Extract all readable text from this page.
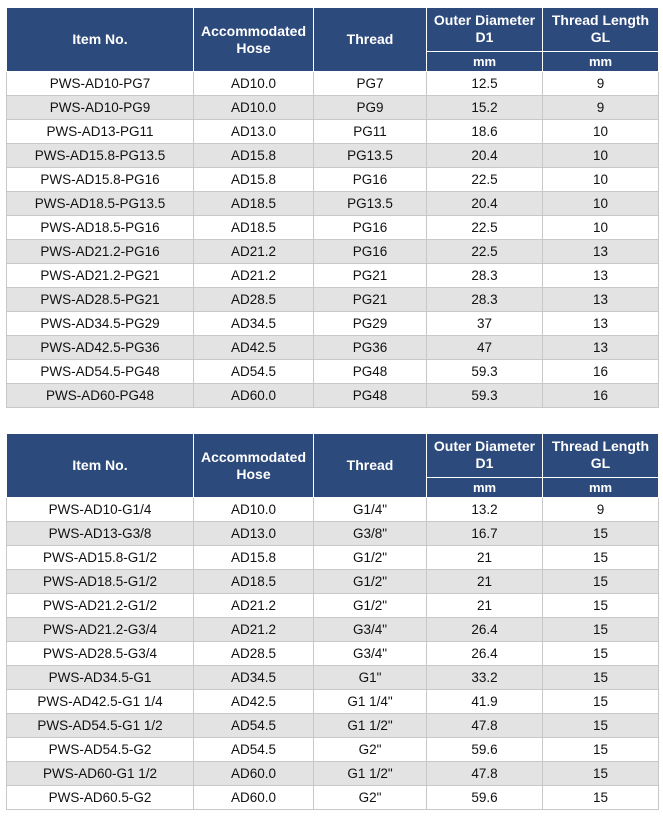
Item No.	Accommodated Hose	Thread	Outer Diameter D1	Thread Length GL
			mm	mm
PWS-AD10-PG7	AD10.0	PG7	12.5	9
PWS-AD10-PG9	AD10.0	PG9	15.2	9
PWS-AD13-PG11	AD13.0	PG11	18.6	10
PWS-AD15.8-PG13.5	AD15.8	PG13.5	20.4	10
PWS-AD15.8-PG16	AD15.8	PG16	22.5	10
PWS-AD18.5-PG13.5	AD18.5	PG13.5	20.4	10
PWS-AD18.5-PG16	AD18.5	PG16	22.5	10
PWS-AD21.2-PG16	AD21.2	PG16	22.5	13
PWS-AD21.2-PG21	AD21.2	PG21	28.3	13
PWS-AD28.5-PG21	AD28.5	PG21	28.3	13
PWS-AD34.5-PG29	AD34.5	PG29	37	13
PWS-AD42.5-PG36	AD42.5	PG36	47	13
PWS-AD54.5-PG48	AD54.5	PG48	59.3	16
PWS-AD60-PG48	AD60.0	PG48	59.3	16
Item No.	Accommodated Hose	Thread	Outer Diameter D1	Thread Length GL
			mm	mm
PWS-AD10-G1/4	AD10.0	G1/4"	13.2	9
PWS-AD13-G3/8	AD13.0	G3/8"	16.7	15
PWS-AD15.8-G1/2	AD15.8	G1/2"	21	15
PWS-AD18.5-G1/2	AD18.5	G1/2"	21	15
PWS-AD21.2-G1/2	AD21.2	G1/2"	21	15
PWS-AD21.2-G3/4	AD21.2	G3/4"	26.4	15
PWS-AD28.5-G3/4	AD28.5	G3/4"	26.4	15
PWS-AD34.5-G1	AD34.5	G1"	33.2	15
PWS-AD42.5-G1 1/4	AD42.5	G1 1/4"	41.9	15
PWS-AD54.5-G1 1/2	AD54.5	G1 1/2"	47.8	15
PWS-AD54.5-G2	AD54.5	G2"	59.6	15
PWS-AD60-G1 1/2	AD60.0	G1 1/2"	47.8	15
PWS-AD60.5-G2	AD60.0	G2"	59.6	15
